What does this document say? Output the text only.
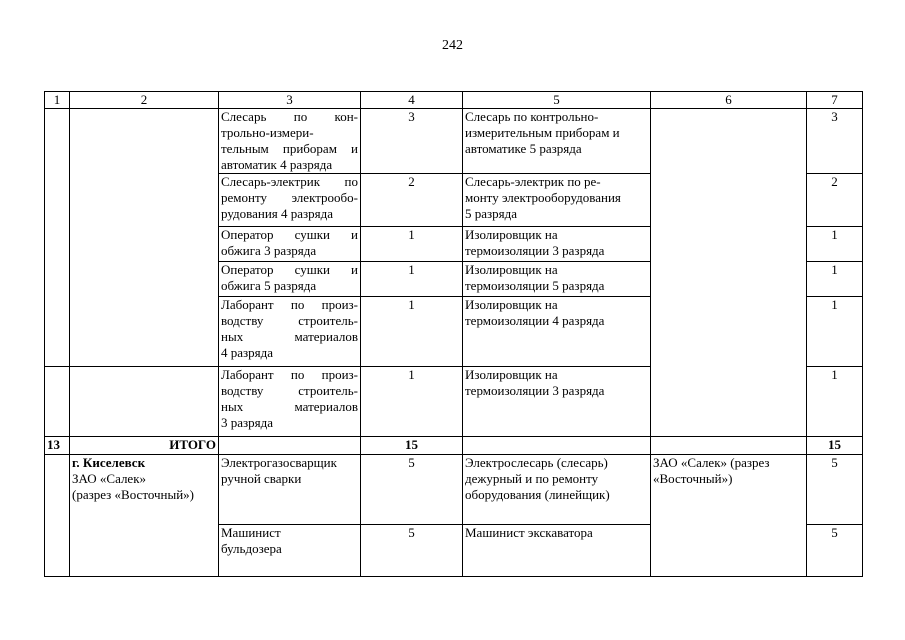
242
1	2	3	4	5	6	7

		Слесарь по кон-
трольно-измери-
тельным приборам и
автоматик 4 разряда	3	Слесарь по контрольно-
измерительным приборам и
автоматике 5 разряда		3

		Слесарь-электрик по
ремонту электрообо-
рудования 4 разряда	2	Слесарь-электрик по ре-
монту электрооборудования
5 разряда		2

		Оператор сушки и
обжига 3 разряда	1	Изолировщик на
термоизоляции 3 разряда		1

		Оператор сушки и
обжига 5 разряда	1	Изолировщик на
термоизоляции 5 разряда		1

		Лаборант по произ-
водству строитель-
ных материалов
4 разряда	1	Изолировщик на
термоизоляции 4 разряда		1

		Лаборант по произ-
водству строитель-
ных материалов
3 разряда	1	Изолировщик на
термоизоляции 3 разряда		1
13	ИТОГО		15			15

	г. Киселевск
ЗАО «Салек»
(разрез «Восточный»)	Электрогазосварщик
ручной сварки	5	Электрослесарь (слесарь)
дежурный и по ремонту
оборудования (линейщик)	ЗАО «Салек» (разрез
«Восточный»)	5

		Машинист
бульдозера	5	Машинист экскаватора		5
